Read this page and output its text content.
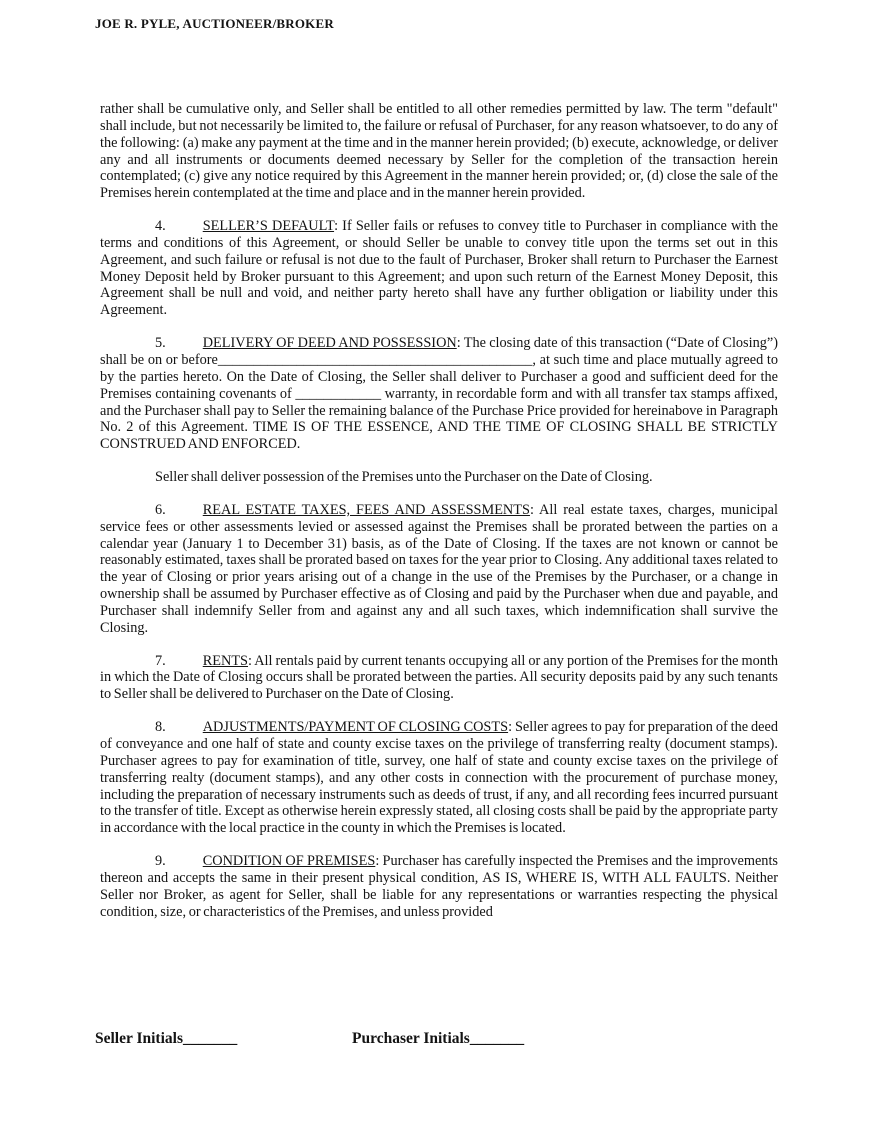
JOE R. PYLE, AUCTIONEER/BROKER

rather shall be cumulative only, and Seller shall be entitled to all other remedies permitted by law. The term "default" shall include, but not necessarily be limited to, the failure or refusal of Purchaser, for any reason whatsoever, to do any of the following: (a) make any payment at the time and in the manner herein provided; (b) execute, acknowledge, or deliver any and all instruments or documents deemed necessary by Seller for the completion of the transaction herein contemplated; (c) give any notice required by this Agreement in the manner herein provided; or, (d) close the sale of the Premises herein contemplated at the time and place and in the manner herein provided.

4.	SELLER’S DEFAULT: If Seller fails or refuses to convey title to Purchaser in compliance with the terms and conditions of this Agreement, or should Seller be unable to convey title upon the terms set out in this Agreement, and such failure or refusal is not due to the fault of Purchaser, Broker shall return to Purchaser the Earnest Money Deposit held by Broker pursuant to this Agreement; and upon such return of the Earnest Money Deposit, this Agreement shall be null and void, and neither party hereto shall have any further obligation or liability under this Agreement.

5.	DELIVERY OF DEED AND POSSESSION: The closing date of this transaction (“Date of Closing”) shall be on or before____________________________________________, at such time and place mutually agreed to by the parties hereto. On the Date of Closing, the Seller shall deliver to Purchaser a good and sufficient deed for the Premises containing covenants of ____________ warranty, in recordable form and with all transfer tax stamps affixed, and the Purchaser shall pay to Seller the remaining balance of the Purchase Price provided for hereinabove in Paragraph No. 2 of this Agreement. TIME IS OF THE ESSENCE, AND THE TIME OF CLOSING SHALL BE STRICTLY CONSTRUED AND ENFORCED.

Seller shall deliver possession of the Premises unto the Purchaser on the Date of Closing.

6.	REAL ESTATE TAXES, FEES AND ASSESSMENTS: All real estate taxes, charges, municipal service fees or other assessments levied or assessed against the Premises shall be prorated between the parties on a calendar year (January 1 to December 31) basis, as of the Date of Closing. If the taxes are not known or cannot be reasonably estimated, taxes shall be prorated based on taxes for the year prior to Closing. Any additional taxes related to the year of Closing or prior years arising out of a change in the use of the Premises by the Purchaser, or a change in ownership shall be assumed by Purchaser effective as of Closing and paid by the Purchaser when due and payable, and Purchaser shall indemnify Seller from and against any and all such taxes, which indemnification shall survive the Closing.

7.	RENTS: All rentals paid by current tenants occupying all or any portion of the Premises for the month in which the Date of Closing occurs shall be prorated between the parties. All security deposits paid by any such tenants to Seller shall be delivered to Purchaser on the Date of Closing.

8.	ADJUSTMENTS/PAYMENT OF CLOSING COSTS: Seller agrees to pay for preparation of the deed of conveyance and one half of state and county excise taxes on the privilege of transferring realty (document stamps). Purchaser agrees to pay for examination of title, survey, one half of state and county excise taxes on the privilege of transferring realty (document stamps), and any other costs in connection with the procurement of purchase money, including the preparation of necessary instruments such as deeds of trust, if any, and all recording fees incurred pursuant to the transfer of title. Except as otherwise herein expressly stated, all closing costs shall be paid by the appropriate party in accordance with the local practice in the county in which the Premises is located.

9.	CONDITION OF PREMISES: Purchaser has carefully inspected the Premises and the improvements thereon and accepts the same in their present physical condition, AS IS, WHERE IS, WITH ALL FAULTS. Neither Seller nor Broker, as agent for Seller, shall be liable for any representations or warranties respecting the physical condition, size, or characteristics of the Premises, and unless provided

Seller Initials_______	Purchaser Initials_______
